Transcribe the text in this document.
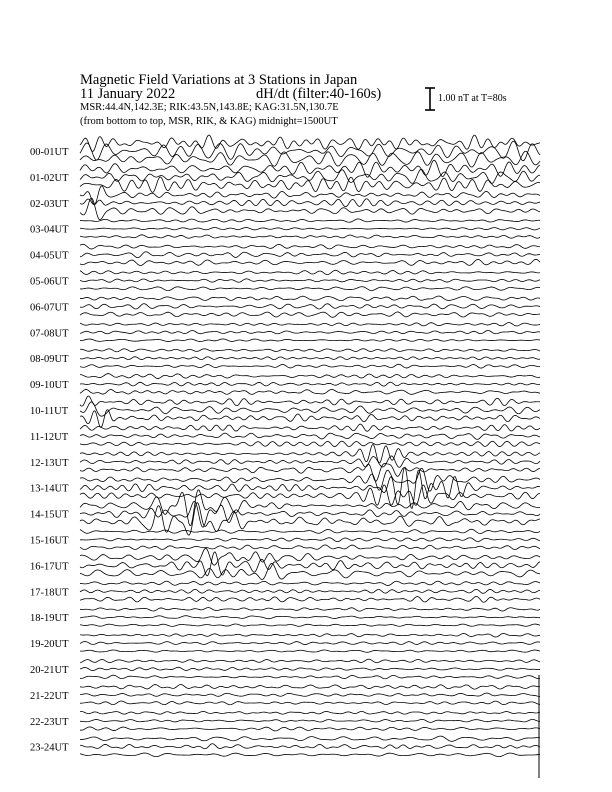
Magnetic Field Variations at 3 Stations in Japan
11 January 2022	dH/dt (filter:40-160s)
MSR:44.4N,142.3E; RIK:43.5N,143.8E; KAG:31.5N,130.7E
(from bottom to top, MSR, RIK, & KAG) midnight=1500UT
1.00 nT at T=80s
00-01UT
01-02UT
02-03UT
03-04UT
04-05UT
05-06UT
06-07UT
07-08UT
08-09UT
09-10UT
10-11UT
11-12UT
12-13UT
13-14UT
14-15UT
15-16UT
16-17UT
17-18UT
18-19UT
19-20UT
20-21UT
21-22UT
22-23UT
23-24UT
